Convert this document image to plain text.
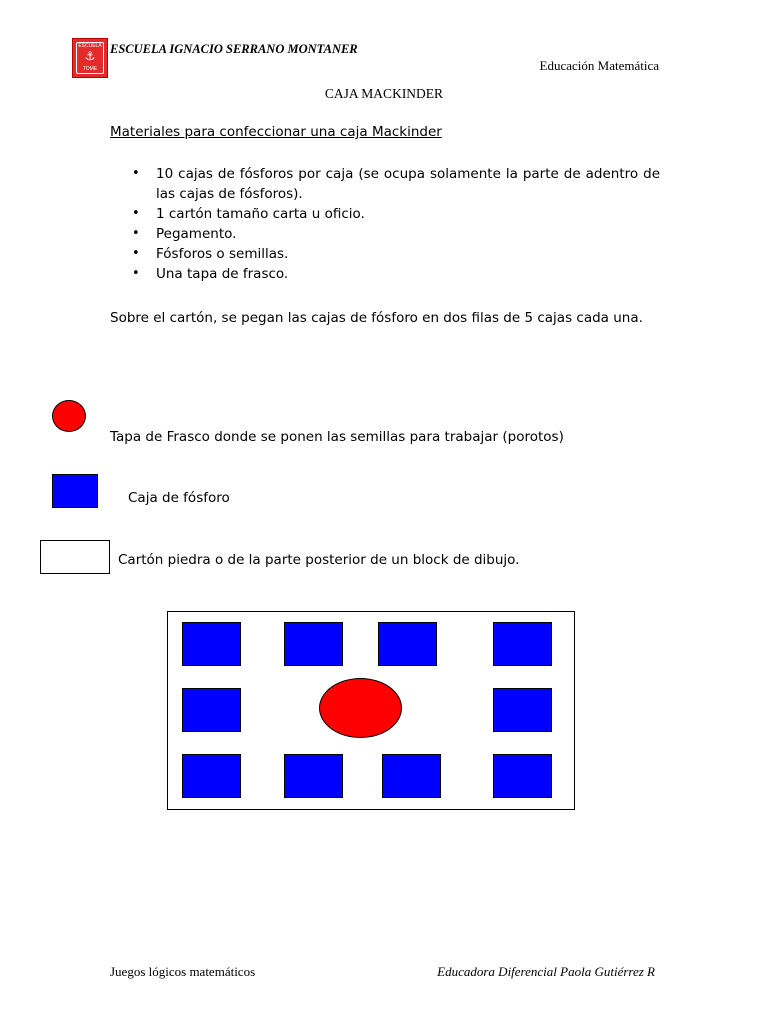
ESCUELA
⚓
TOME
ESCUELA IGNACIO SERRANO MONTANER
Educación Matemática
CAJA MACKINDER
Materiales para confeccionar una caja Mackinder
• 10 cajas de fósforos por caja (se ocupa solamente la parte de adentro de las cajas de fósforos).
• 1 cartón tamaño carta u oficio.
• Pegamento.
• Fósforos o semillas.
• Una tapa de frasco.
Sobre el cartón, se pegan las cajas de fósforo en dos filas de 5 cajas cada una.
Tapa de Frasco donde se ponen las semillas para trabajar (porotos)
Caja de fósforo
Cartón piedra o de la parte posterior de un block de dibujo.
Juegos lógicos matemáticos	Educadora Diferencial Paola Gutiérrez R
